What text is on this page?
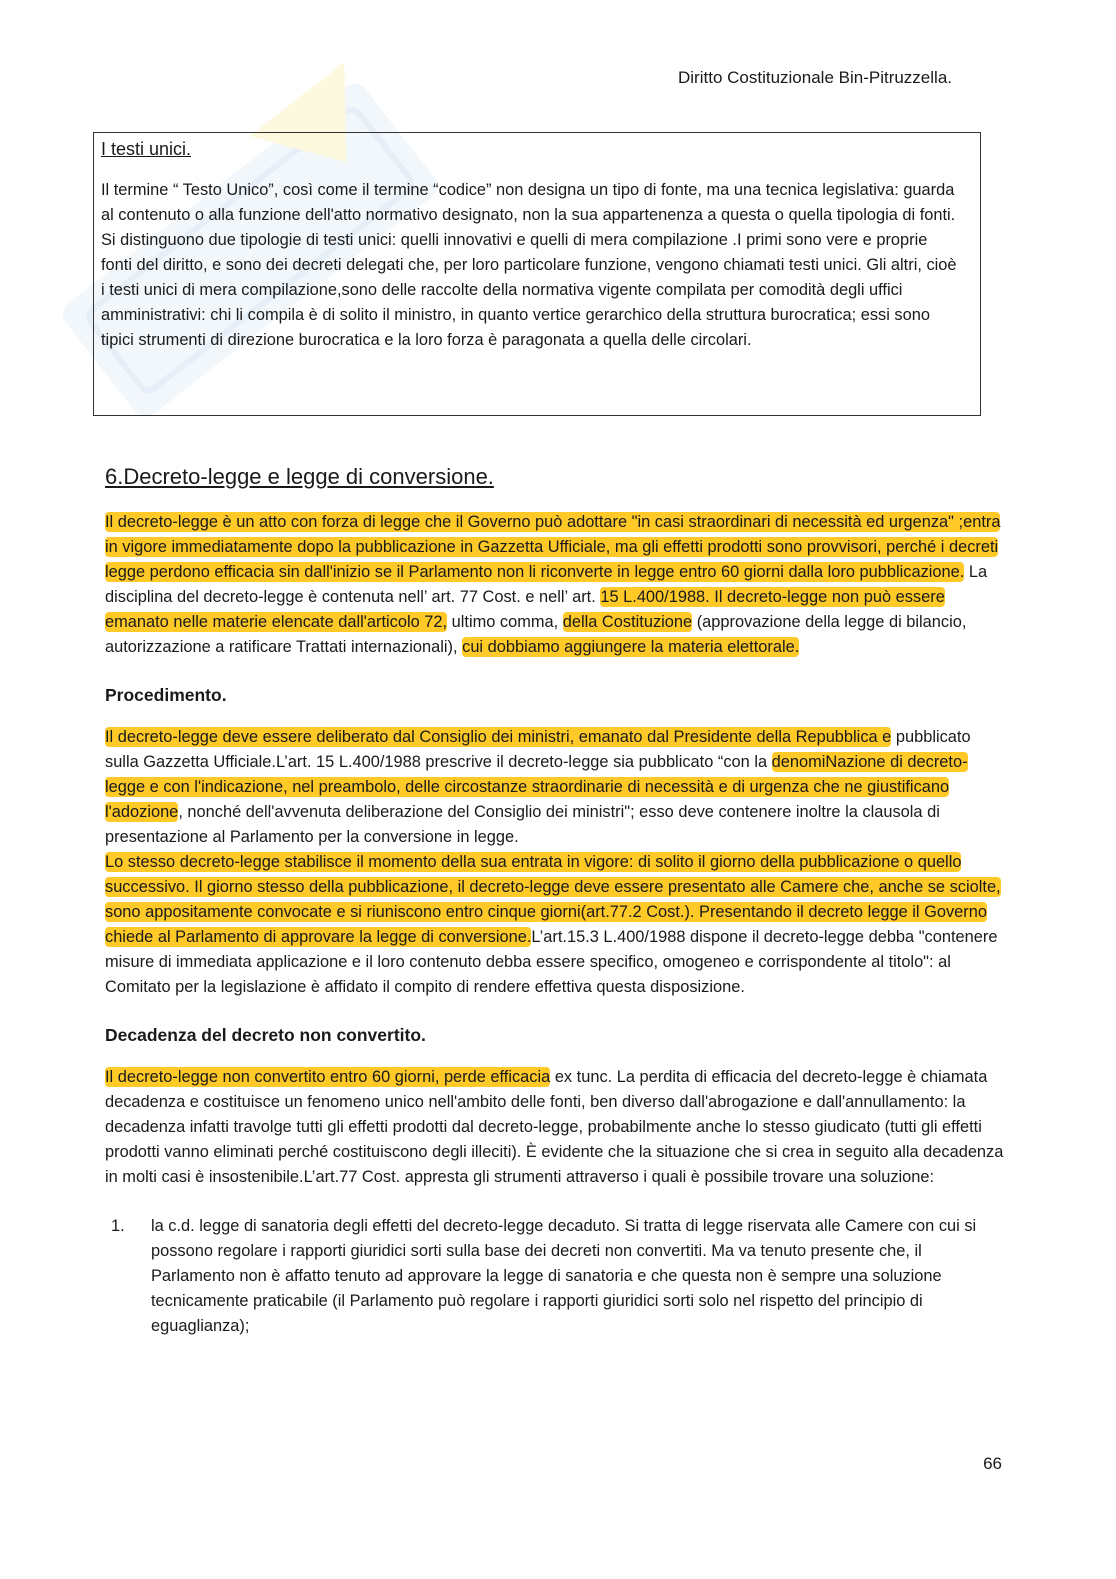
Diritto Costituzionale Bin-Pitruzzella.
I testi unici.

Il termine “ Testo Unico”, così come il termine “codice” non designa un tipo di fonte, ma una tecnica legislativa: guarda al contenuto o alla funzione dell'atto normativo designato, non la sua appartenenza a questa o quella tipologia di fonti. Si distinguono due tipologie di testi unici: quelli innovativi e quelli di mera compilazione .I primi sono vere e proprie fonti del diritto, e sono dei decreti delegati che, per loro particolare funzione, vengono chiamati testi unici. Gli altri, cioè i testi unici di mera compilazione,sono delle raccolte della normativa vigente compilata per comodità degli uffici amministrativi: chi li compila è di solito il ministro, in quanto vertice gerarchico della struttura burocratica; essi sono tipici strumenti di direzione burocratica e la loro forza è paragonata a quella delle circolari.

6.Decreto-legge e legge di conversione.

Il decreto-legge è un atto con forza di legge che il Governo può adottare "in casi straordinari di necessità ed urgenza" ;entra in vigore immediatamente dopo la pubblicazione in Gazzetta Ufficiale, ma gli effetti prodotti sono provvisori, perché i decreti legge perdono efficacia sin dall'inizio se il Parlamento non li riconverte in legge entro 60 giorni dalla loro pubblicazione. La disciplina del decreto-legge è contenuta nell’ art. 77 Cost. e nell’ art. 15 L.400/1988. Il decreto-legge non può essere emanato nelle materie elencate dall'articolo 72, ultimo comma, della Costituzione (approvazione della legge di bilancio, autorizzazione a ratificare Trattati internazionali), cui dobbiamo aggiungere la materia elettorale.

Procedimento.

Il decreto-legge deve essere deliberato dal Consiglio dei ministri, emanato dal Presidente della Repubblica e pubblicato sulla Gazzetta Ufficiale.L’art. 15 L.400/1988 prescrive il decreto-legge sia pubblicato “con la denomiNazione di decreto-legge e con l'indicazione, nel preambolo, delle circostanze straordinarie di necessità e di urgenza che ne giustificano l'adozione, nonché dell'avvenuta deliberazione del Consiglio dei ministri"; esso deve contenere inoltre la clausola di presentazione al Parlamento per la conversione in legge.
Lo stesso decreto-legge stabilisce il momento della sua entrata in vigore: di solito il giorno della pubblicazione o quello successivo. Il giorno stesso della pubblicazione, il decreto-legge deve essere presentato alle Camere che, anche se sciolte, sono appositamente convocate e si riuniscono entro cinque giorni(art.77.2 Cost.). Presentando il decreto legge il Governo chiede al Parlamento di approvare la legge di conversione.L’art.15.3 L.400/1988 dispone il decreto-legge debba "contenere misure di immediata applicazione e il loro contenuto debba essere specifico, omogeneo e corrispondente al titolo": al Comitato per la legislazione è affidato il compito di rendere effettiva questa disposizione.

Decadenza del decreto non convertito.

Il decreto-legge non convertito entro 60 giorni, perde efficacia ex tunc. La perdita di efficacia del decreto-legge è chiamata decadenza e costituisce un fenomeno unico nell'ambito delle fonti, ben diverso dall'abrogazione e dall'annullamento: la decadenza infatti travolge tutti gli effetti prodotti dal decreto-legge, probabilmente anche lo stesso giudicato (tutti gli effetti prodotti vanno eliminati perché costituiscono degli illeciti). È evidente che la situazione che si crea in seguito alla decadenza in molti casi è insostenibile.L’art.77 Cost. appresta gli strumenti attraverso i quali è possibile trovare una soluzione:

1.	la c.d. legge di sanatoria degli effetti del decreto-legge decaduto. Si tratta di legge riservata alle Camere con cui si possono regolare i rapporti giuridici sorti sulla base dei decreti non convertiti. Ma va tenuto presente che, il Parlamento non è affatto tenuto ad approvare la legge di sanatoria e che questa non è sempre una soluzione tecnicamente praticabile (il Parlamento può regolare i rapporti giuridici sorti solo nel rispetto del principio di eguaglianza);
66
